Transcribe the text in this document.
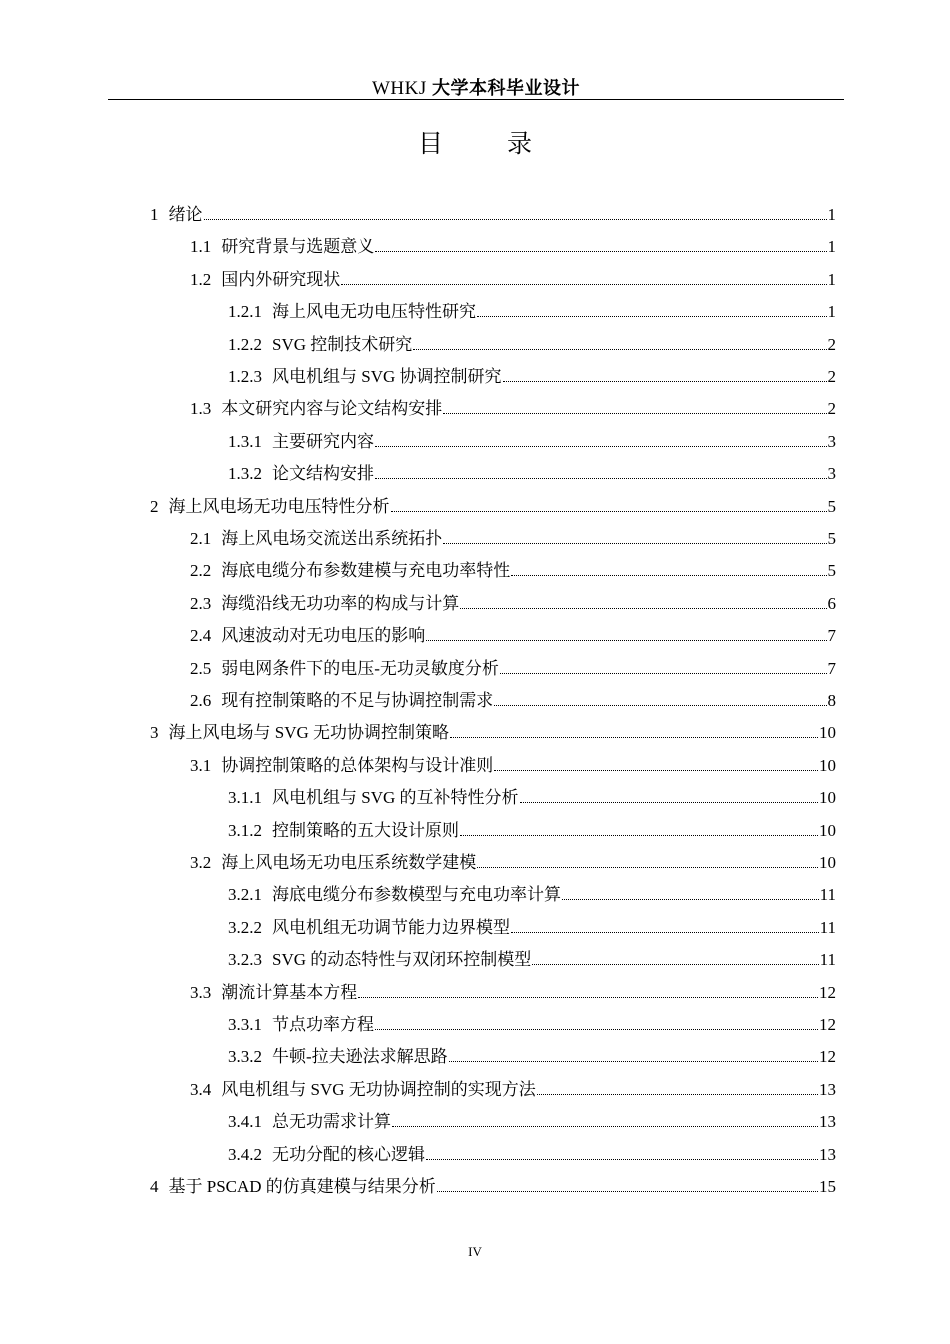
WHKJ 大学本科毕业设计
目 录
1 绪论	1
1.1 研究背景与选题意义	1
1.2 国内外研究现状	1
1.2.1 海上风电无功电压特性研究	1
1.2.2 SVG 控制技术研究	2
1.2.3 风电机组与 SVG 协调控制研究	2
1.3 本文研究内容与论文结构安排	2
1.3.1 主要研究内容	3
1.3.2 论文结构安排	3
2 海上风电场无功电压特性分析	5
2.1 海上风电场交流送出系统拓扑	5
2.2 海底电缆分布参数建模与充电功率特性	5
2.3 海缆沿线无功功率的构成与计算	6
2.4 风速波动对无功电压的影响	7
2.5 弱电网条件下的电压-无功灵敏度分析	7
2.6 现有控制策略的不足与协调控制需求	8
3 海上风电场与 SVG 无功协调控制策略	10
3.1 协调控制策略的总体架构与设计准则	10
3.1.1 风电机组与 SVG 的互补特性分析	10
3.1.2 控制策略的五大设计原则	10
3.2 海上风电场无功电压系统数学建模	10
3.2.1 海底电缆分布参数模型与充电功率计算	11
3.2.2 风电机组无功调节能力边界模型	11
3.2.3 SVG 的动态特性与双闭环控制模型	11
3.3 潮流计算基本方程	12
3.3.1 节点功率方程	12
3.3.2 牛顿-拉夫逊法求解思路	12
3.4 风电机组与 SVG 无功协调控制的实现方法	13
3.4.1 总无功需求计算	13
3.4.2 无功分配的核心逻辑	13
4 基于 PSCAD 的仿真建模与结果分析	15
IV
